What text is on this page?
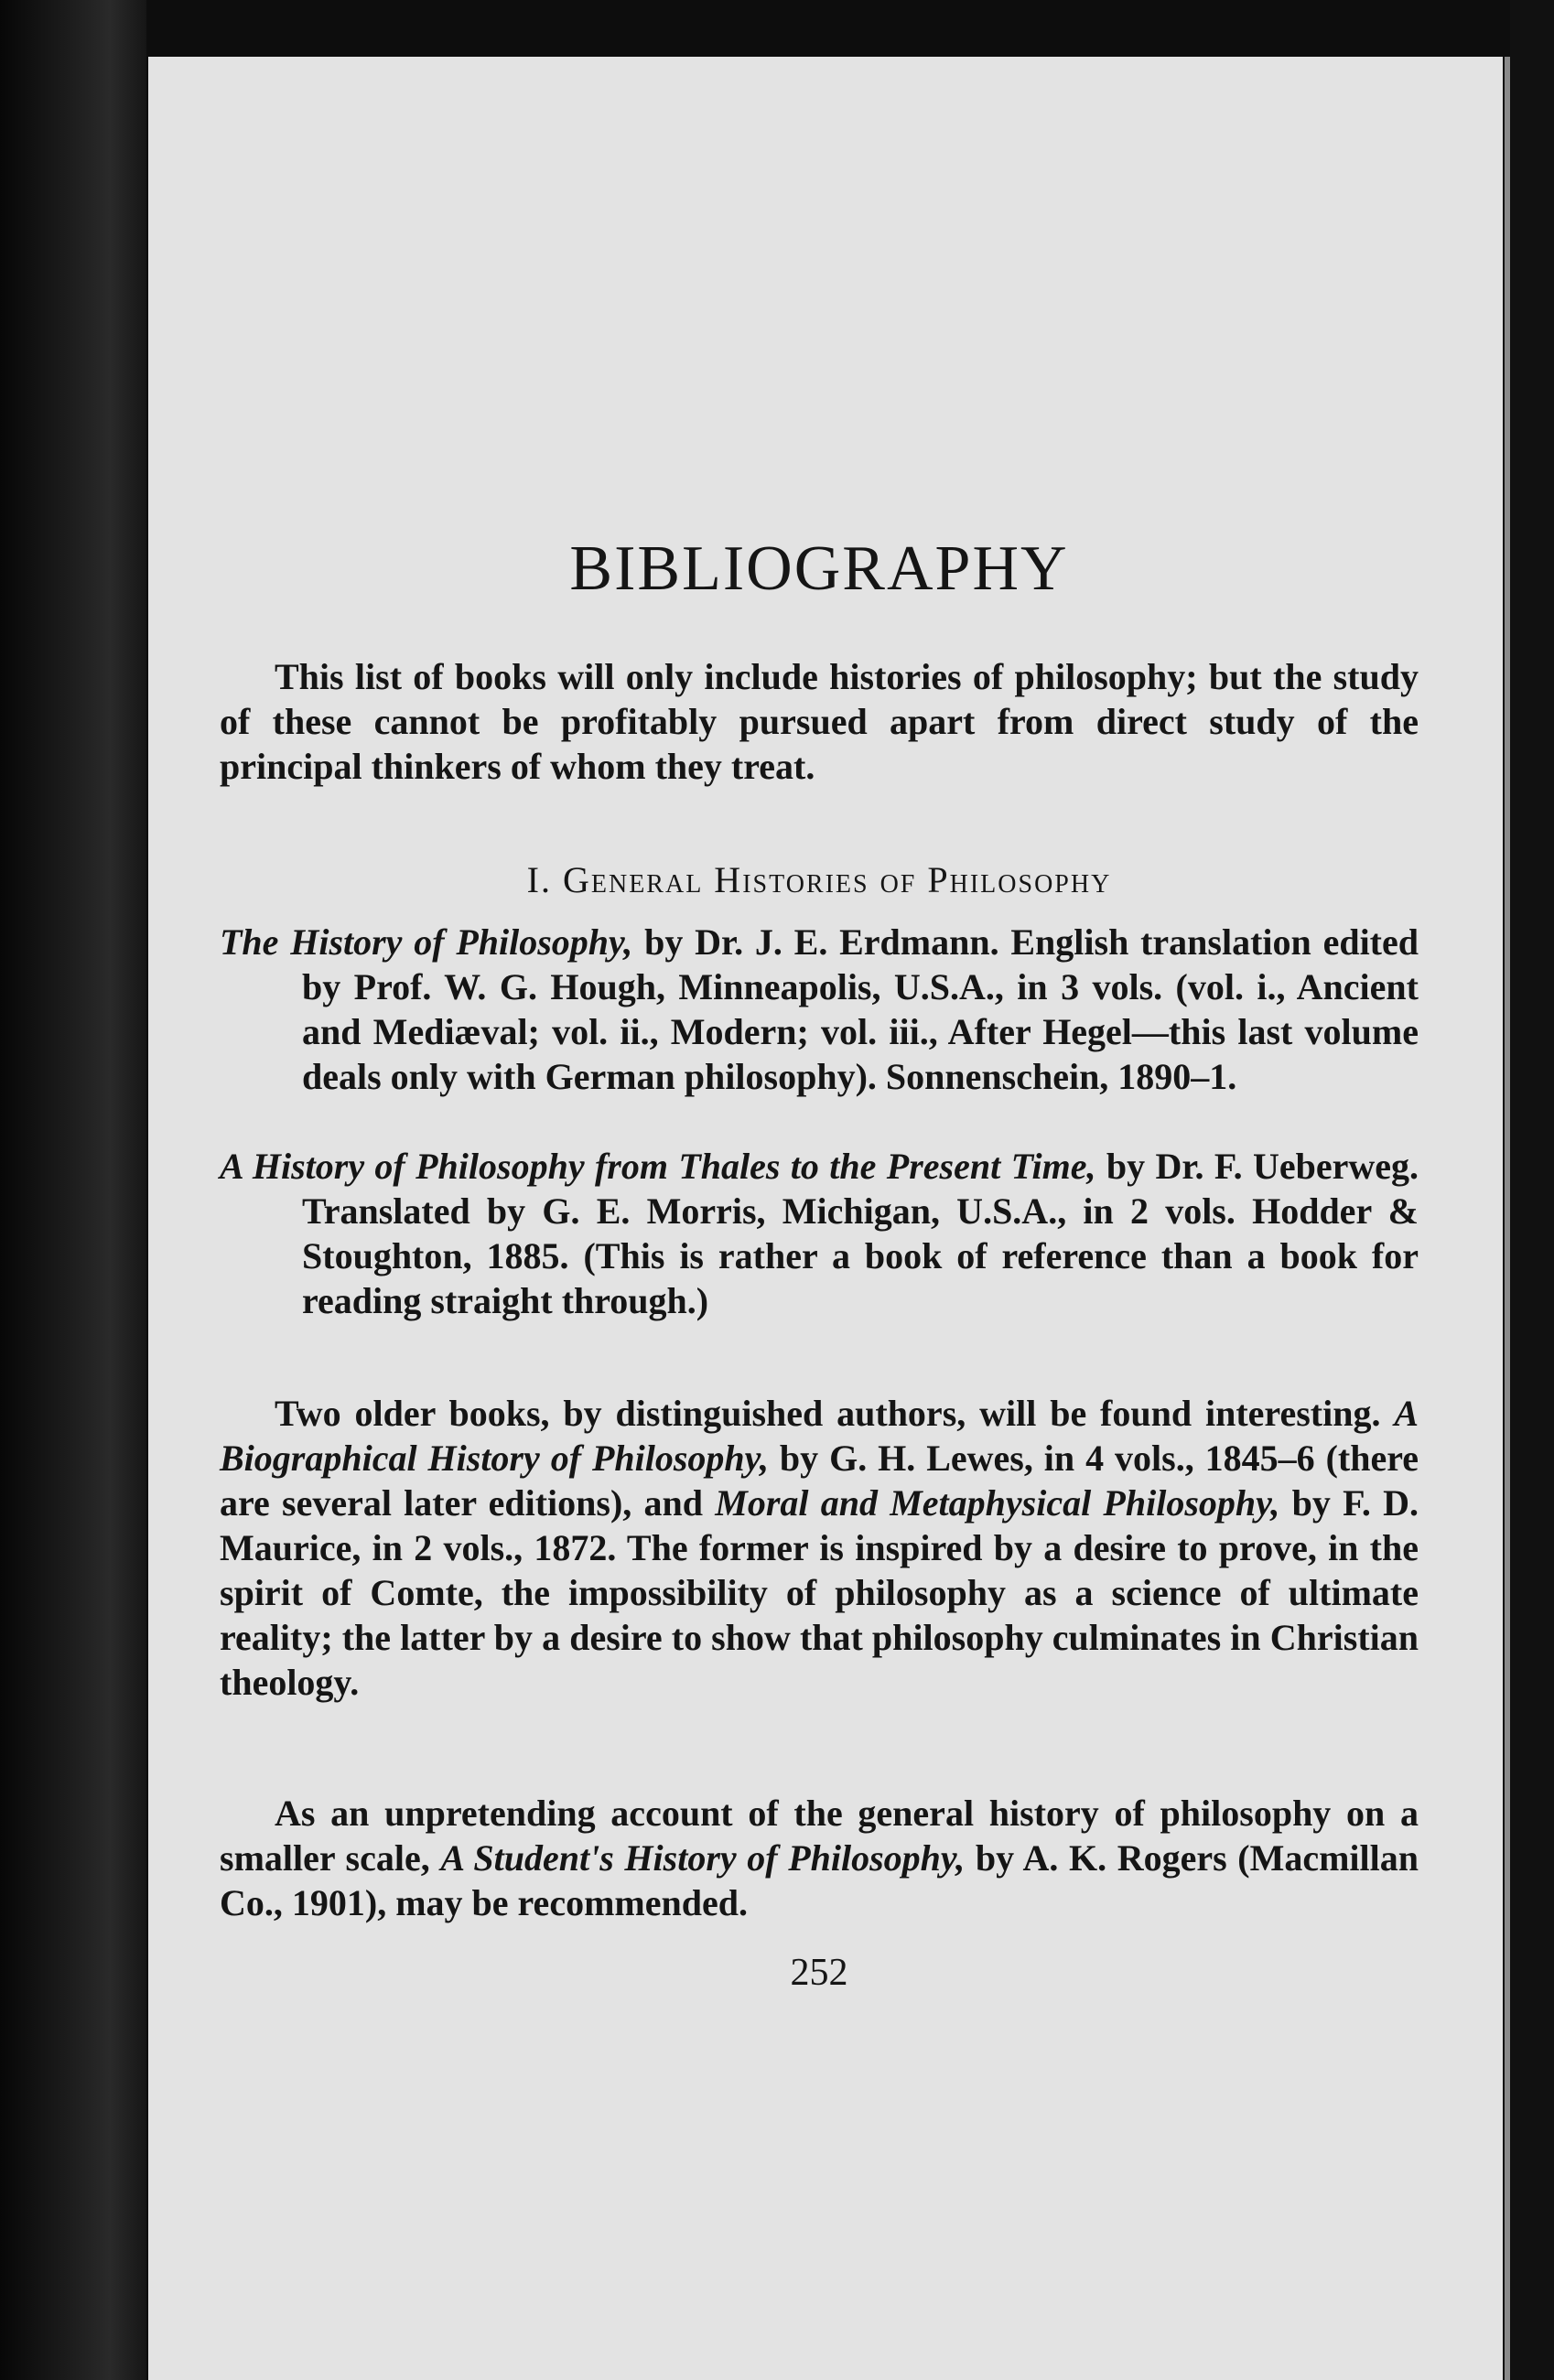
BIBLIOGRAPHY

This list of books will only include histories of philosophy; but the study of these cannot be profitably pursued apart from direct study of the principal thinkers of whom they treat.

I. General Histories of Philosophy

The History of Philosophy, by Dr. J. E. Erdmann. English translation edited by Prof. W. G. Hough, Minneapolis, U.S.A., in 3 vols. (vol. i., Ancient and Mediæval; vol. ii., Modern; vol. iii., After Hegel—this last volume deals only with German philosophy). Sonnenschein, 1890–1.

A History of Philosophy from Thales to the Present Time, by Dr. F. Ueberweg. Translated by G. E. Morris, Michigan, U.S.A., in 2 vols. Hodder & Stoughton, 1885. (This is rather a book of reference than a book for reading straight through.)

Two older books, by distinguished authors, will be found interesting. A Biographical History of Philosophy, by G. H. Lewes, in 4 vols., 1845–6 (there are several later editions), and Moral and Metaphysical Philosophy, by F. D. Maurice, in 2 vols., 1872. The former is inspired by a desire to prove, in the spirit of Comte, the impossibility of philosophy as a science of ultimate reality; the latter by a desire to show that philosophy culminates in Christian theology.

As an unpretending account of the general history of philosophy on a smaller scale, A Student's History of Philosophy, by A. K. Rogers (Macmillan Co., 1901), may be recommended.

252
